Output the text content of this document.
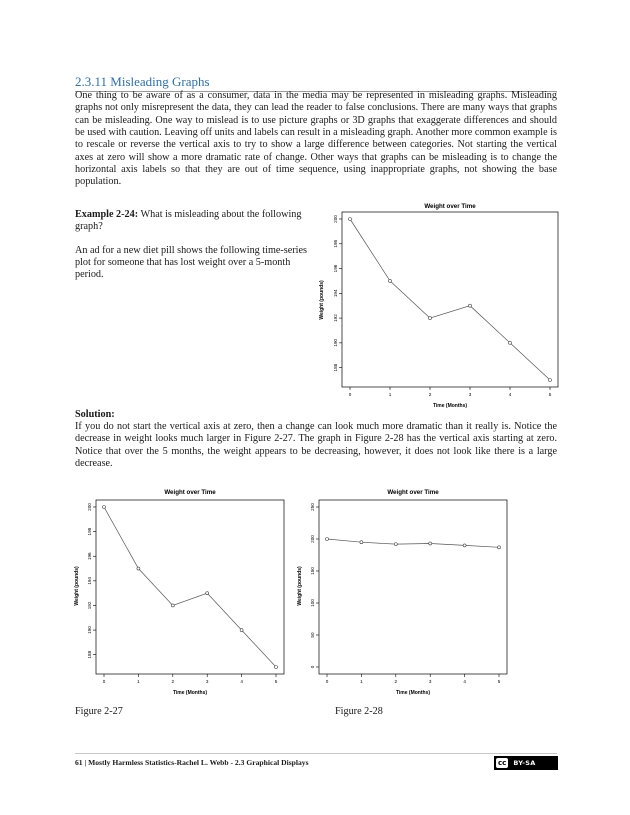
2.3.11 Misleading Graphs

One thing to be aware of as a consumer, data in the media may be represented in misleading graphs. Misleading graphs not only misrepresent the data, they can lead the reader to false conclusions. There are many ways that graphs can be misleading. One way to mislead is to use picture graphs or 3D graphs that exaggerate differences and should be used with caution. Leaving off units and labels can result in a misleading graph. Another more common example is to rescale or reverse the vertical axis to try to show a large difference between categories. Not starting the vertical axes at zero will show a more dramatic rate of change. Other ways that graphs can be misleading is to change the horizontal axis labels so that they are out of time sequence, using inappropriate graphs, not showing the base population.

Example 2-24: What is misleading about the following graph?

An ad for a new diet pill shows the following time-series plot for someone that has lost weight over a 5-month period.

Weight over Time
0	1	2	3	4	5
188
190
192
194
196
198
200
Time (Months)
Weight (pounds)
Solution:

If you do not start the vertical axis at zero, then a change can look much more dramatic than it really is. Notice the decrease in weight looks much larger in Figure 2-27. The graph in Figure 2-28 has the vertical axis starting at zero. Notice that over the 5 months, the weight appears to be decreasing, however, it does not look like there is a large decrease.

Weight over Time
0	1	2	3	4	5
188
190
192
194
196
198
200
Time (Months)
Weight (pounds)
Weight over Time
0	1	2	3	4	5
0
50
100
150
200
250
Time (Months)
Weight (pounds)
Figure 2-27	Figure 2-28
61 | Mostly Harmless Statistics-Rachel L. Webb - 2.3 Graphical Displays	cc	BY-SA
